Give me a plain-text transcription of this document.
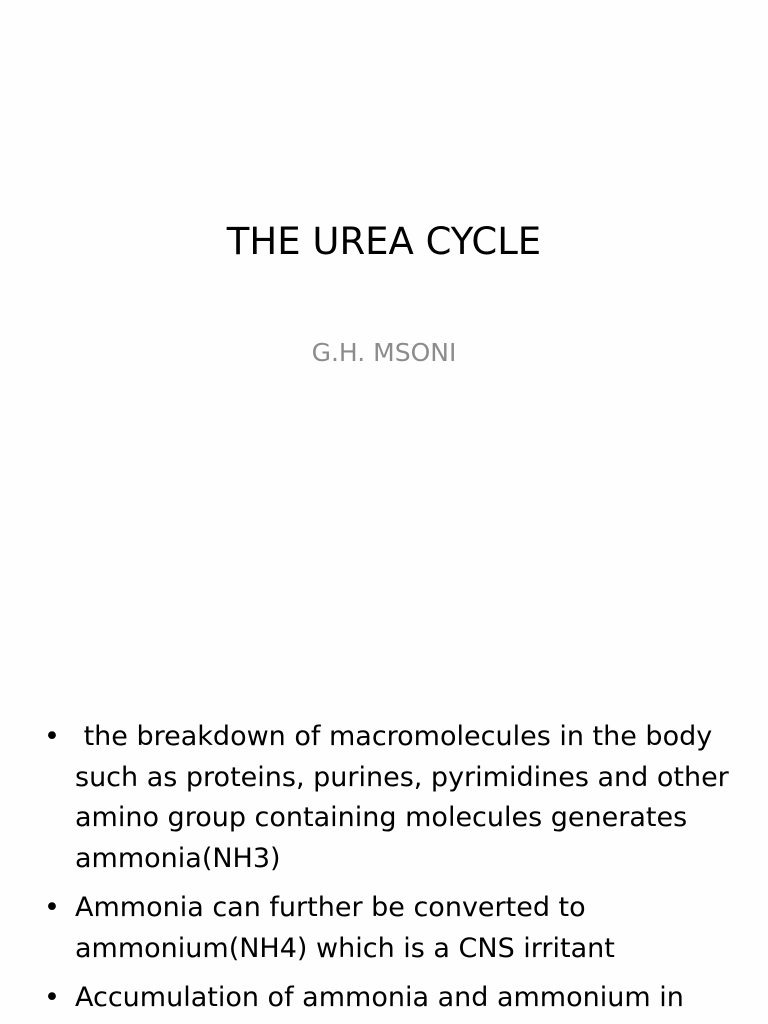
THE UREA CYCLE

G.H. MSONI

• the breakdown of macromolecules in the body such as proteins, purines, pyrimidines and other amino group containing molecules generates ammonia(NH3)
• Ammonia can further be converted to ammonium(NH4) which is a CNS irritant
• Accumulation of ammonia and ammonium in
